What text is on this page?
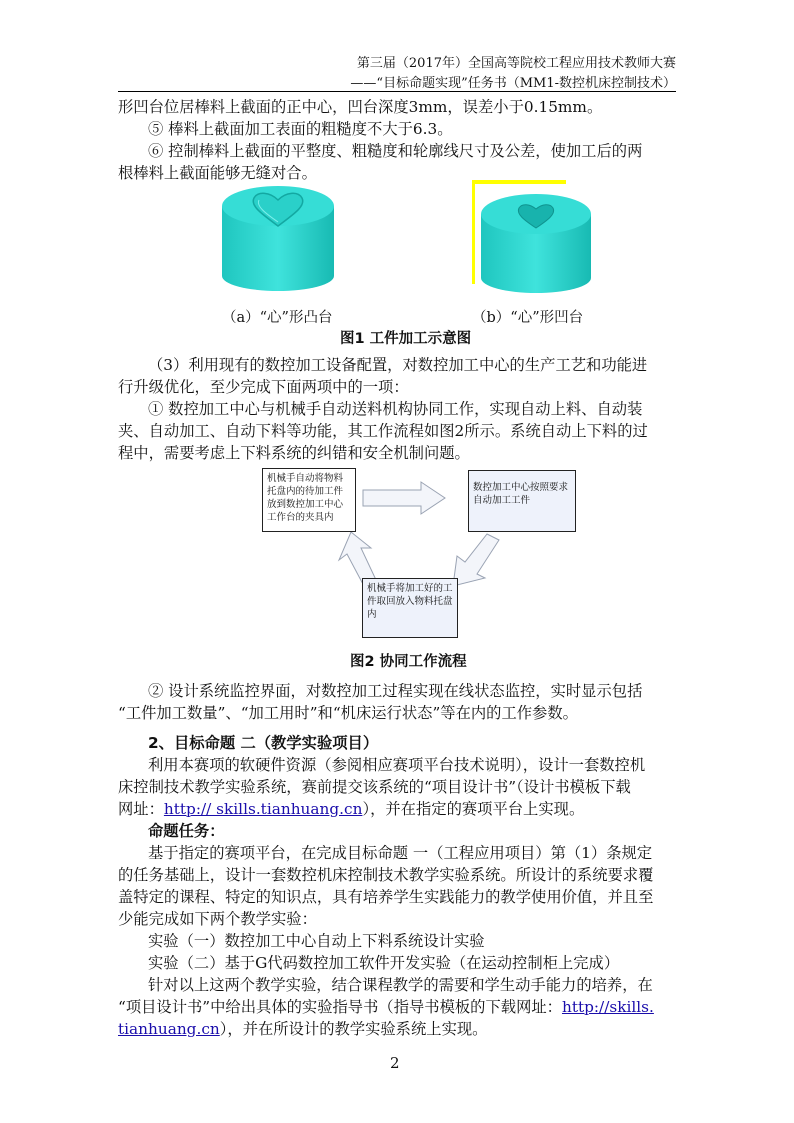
第三届（2017年）全国高等院校工程应用技术教师大赛
——“目标命题实现”任务书（MM1-数控机床控制技术）
形凹台位居棒料上截面的正中心，凹台深度3mm，误差小于0.15mm。
⑤ 棒料上截面加工表面的粗糙度不大于6.3。
⑥ 控制棒料上截面的平整度、粗糙度和轮廓线尺寸及公差，使加工后的两
根棒料上截面能够无缝对合。
（a）“心”形凸台	（b）“心”形凹台
图1 工件加工示意图
（3）利用现有的数控加工设备配置，对数控加工中心的生产工艺和功能进
行升级优化，至少完成下面两项中的一项：
① 数控加工中心与机械手自动送料机构协同工作，实现自动上料、自动装
夹、自动加工、自动下料等功能，其工作流程如图2所示。系统自动上下料的过
程中，需要考虑上下料系统的纠错和安全机制问题。
机械手自动将物料托盘内的待加工件放到数控加工中心工作台的夹具内
数控加工中心按照要求自动加工工件
机械手将加工好的工件取回放入物料托盘内
图2 协同工作流程
② 设计系统监控界面，对数控加工过程实现在线状态监控，实时显示包括
“工件加工数量”、“加工用时”和“机床运行状态”等在内的工作参数。
2、目标命题 二（教学实验项目）
利用本赛项的软硬件资源（参阅相应赛项平台技术说明），设计一套数控机
床控制技术教学实验系统，赛前提交该系统的“项目设计书”（设计书模板下载
网址：http:// skills.tianhuang.cn），并在指定的赛项平台上实现。
命题任务：
基于指定的赛项平台，在完成目标命题 一（工程应用项目）第（1）条规定
的任务基础上，设计一套数控机床控制技术教学实验系统。所设计的系统要求覆
盖特定的课程、特定的知识点，具有培养学生实践能力的教学使用价值，并且至
少能完成如下两个教学实验：
实验（一）数控加工中心自动上下料系统设计实验
实验（二）基于G代码数控加工软件开发实验（在运动控制柜上完成）
针对以上这两个教学实验，结合课程教学的需要和学生动手能力的培养，在
“项目设计书”中给出具体的实验指导书（指导书模板的下载网址：http://skills.
tianhuang.cn），并在所设计的教学实验系统上实现。
2
